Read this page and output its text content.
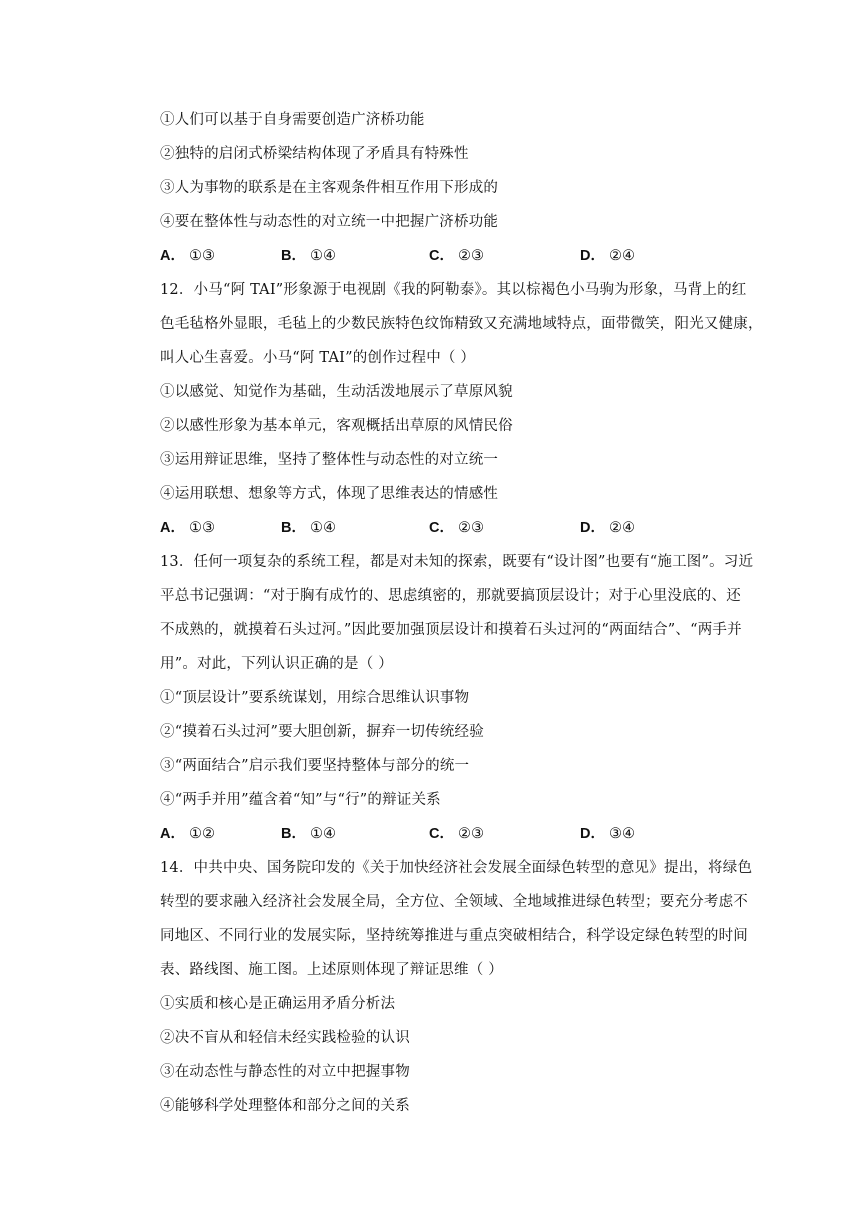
①人们可以基于自身需要创造广济桥功能
②独特的启闭式桥梁结构体现了矛盾具有特殊性
③人为事物的联系是在主客观条件相互作用下形成的
④要在整体性与动态性的对立统一中把握广济桥功能
A． ①③	B． ①④	C． ②③	D． ②④
12．小马“阿 TAI”形象源于电视剧《我的阿勒泰》。其以棕褐色小马驹为形象，马背上的红
色毛毡格外显眼，毛毡上的少数民族特色纹饰精致又充满地域特点，面带微笑，阳光又健康，
叫人心生喜爱。小马“阿 TAI”的创作过程中（ ）
①以感觉、知觉作为基础，生动活泼地展示了草原风貌
②以感性形象为基本单元，客观概括出草原的风情民俗
③运用辩证思维，坚持了整体性与动态性的对立统一
④运用联想、想象等方式，体现了思维表达的情感性
A． ①③	B． ①④	C． ②③	D． ②④
13．任何一项复杂的系统工程，都是对未知的探索，既要有“设计图”也要有“施工图”。习近
平总书记强调：“对于胸有成竹的、思虑缜密的，那就要搞顶层设计；对于心里没底的、还
不成熟的，就摸着石头过河。”因此要加强顶层设计和摸着石头过河的“两面结合”、“两手并
用”。对此，下列认识正确的是（ ）
①“顶层设计”要系统谋划，用综合思维认识事物
②“摸着石头过河”要大胆创新，摒弃一切传统经验
③“两面结合”启示我们要坚持整体与部分的统一
④“两手并用”蕴含着“知”与“行”的辩证关系
A． ①②	B． ①④	C． ②③	D． ③④
14．中共中央、国务院印发的《关于加快经济社会发展全面绿色转型的意见》提出，将绿色
转型的要求融入经济社会发展全局，全方位、全领域、全地域推进绿色转型；要充分考虑不
同地区、不同行业的发展实际，坚持统筹推进与重点突破相结合，科学设定绿色转型的时间
表、路线图、施工图。上述原则体现了辩证思维（ ）
①实质和核心是正确运用矛盾分析法
②决不盲从和轻信未经实践检验的认识
③在动态性与静态性的对立中把握事物
④能够科学处理整体和部分之间的关系
